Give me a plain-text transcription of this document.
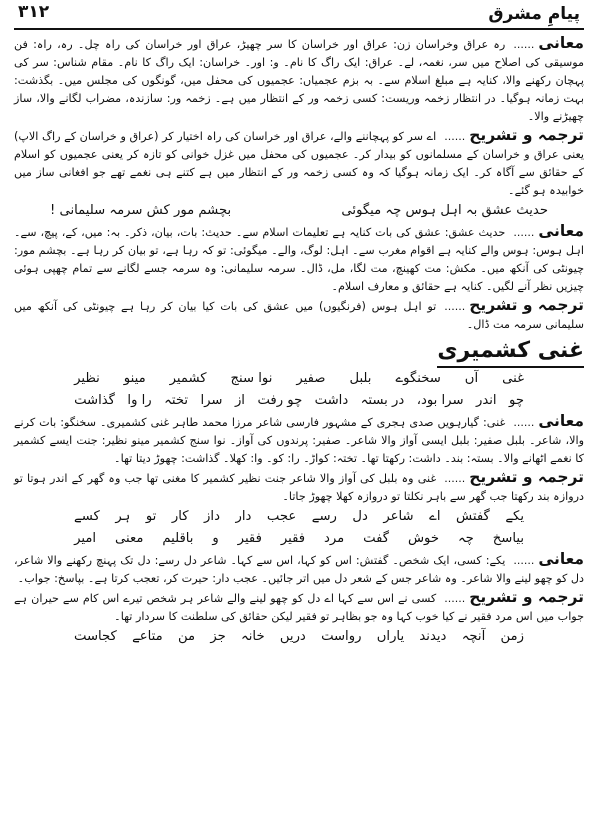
پیامِ مشرق
۳۱۲

معانی......رہ عراق وخراسان زن: عراق اور خراسان کا سر چھیڑ، عراق اور خراسان کی راہ چل۔ رہ، راہ: فن موسیقی کی اصلاح میں سر، نغمہ، لے۔ عراق: ایک راگ کا نام۔ و: اور۔ خراسان: ایک راگ کا نام۔ مقام شناس: سر کی پہچان رکھنے والا، کنایہ ہے مبلغ اسلام سے۔ بہ بزم عجمیاں: عجمیوں کی محفل میں، گونگوں کی مجلس میں۔ بگذشت: بہت زمانہ ہوگیا۔ در انتظار زخمہ وریست: کسی زخمہ ور کے انتظار میں ہے۔ زخمہ ور: سازندہ، مضراب لگانے والا، ساز چھیڑنے والا۔

ترجمہ و تشریح......اے سر کو پہچاننے والے، عراق اور خراسان کی راہ اختیار کر (عراق و خراسان کے راگ الاپ) یعنی عراق و خراسان کے مسلمانوں کو بیدار کر۔ عجمیوں کی محفل میں غزل خوانی کو تازہ کر یعنی عجمیوں کو اسلام کے حقائق سے آگاہ کر۔ ایک زمانہ ہوگیا کہ وہ کسی زخمہ ور کے انتظار میں ہے کتنے ہی نغمے تھے جو افغانی ساز میں خوابیدہ ہو گئے۔

حدیث عشق بہ اہل ہوس چہ میگوئی
بچشم مور کش سرمہ سلیمانی !

معانی......حدیث عشق: عشق کی بات کنایہ ہے تعلیمات اسلام سے۔ حدیث: بات، بیان، ذکر۔ بہ: میں، کے، پیچ، سے۔ اہل ہوس: ہوس والے کنایہ ہے اقوام مغرب سے۔ اہل: لوگ، والے۔ میگوئی: تو کہ رہا ہے، تو بیان کر رہا ہے۔ بچشم مور: چیونٹی کی آنکھ میں۔ مکش: مت کھینچ، مت لگا، مل، ڈال۔ سرمہ سلیمانی: وہ سرمہ جسے لگانے سے تمام چھپی ہوئی چیزیں نظر آنے لگیں۔ کنایہ ہے حقائق و معارف اسلام۔

ترجمہ و تشریح......تو اہل ہوس (فرنگیوں) میں عشق کی بات کیا بیان کر رہا ہے چیونٹی کی آنکھ میں سلیمانی سرمہ مت ڈال۔

غنی کشمیری
غنی
آں
سخنگوے
بلبل
صفیر
نوا سنج
کشمیر
مینو
نظیر
چو
اندر
سرا بود،
در بستہ
داشت
چو رفت
از
سرا
تختہ
را وا
گذاشت

معانی......غنی: گیارہویں صدی ہجری کے مشہور فارسی شاعر مرزا محمد طاہر غنی کشمیری۔ سخنگو: بات کرنے والا، شاعر۔ بلبل صفیر: بلبل ایسی آواز والا شاعر۔ صفیر: پرندوں کی آواز۔ نوا سنج کشمیر مینو نظیر: جنت ایسے کشمیر کا نغمے اٹھانے والا۔ بستہ: بند۔ داشت: رکھتا تھا۔ تختہ: کواڑ۔ را: کو۔ وا: کھلا۔ گذاشت: چھوڑ دیتا تھا۔

ترجمہ و تشریح......غنی وہ بلبل کی آواز والا شاعر جنت نظیر کشمیر کا مغنی تھا جب وہ گھر کے اندر ہوتا تو دروازہ بند رکھتا جب گھر سے باہر نکلتا تو دروازہ کھلا چھوڑ جاتا۔

یکے
گفتش
اے
شاعر
دل
رسے
عجب
دار
داز
کار
تو
ہر
کسے
بیاسخ
چہ
خوش
گفت
مرد
فقیر
فقیر
و
باقلیم
معنی
امیر

معانی......یکے: کسی، ایک شخص۔ گفتش: اس کو کہا، اس سے کہا۔ شاعر دل رسے: دل تک پہنچ رکھنے والا شاعر، دل کو چھو لینے والا شاعر۔ وہ شاعر جس کے شعر دل میں اتر جائیں۔ عجب دار: حیرت کر، تعجب کرتا ہے۔ بپاسخ: جواب۔

ترجمہ و تشریح......کسی نے اس سے کہا اے دل کو چھو لینے والے شاعر ہر شخص تیرے اس کام سے حیران ہے جواب میں اس مرد فقیر نے کیا خوب کہا وہ جو بظاہر تو فقیر لیکن حقائق کی سلطنت کا سردار تھا۔

زمن
آنچہ
دیدند
یاراں
رواست
دریں
خانہ
جز
من
متاعے
کجاست
